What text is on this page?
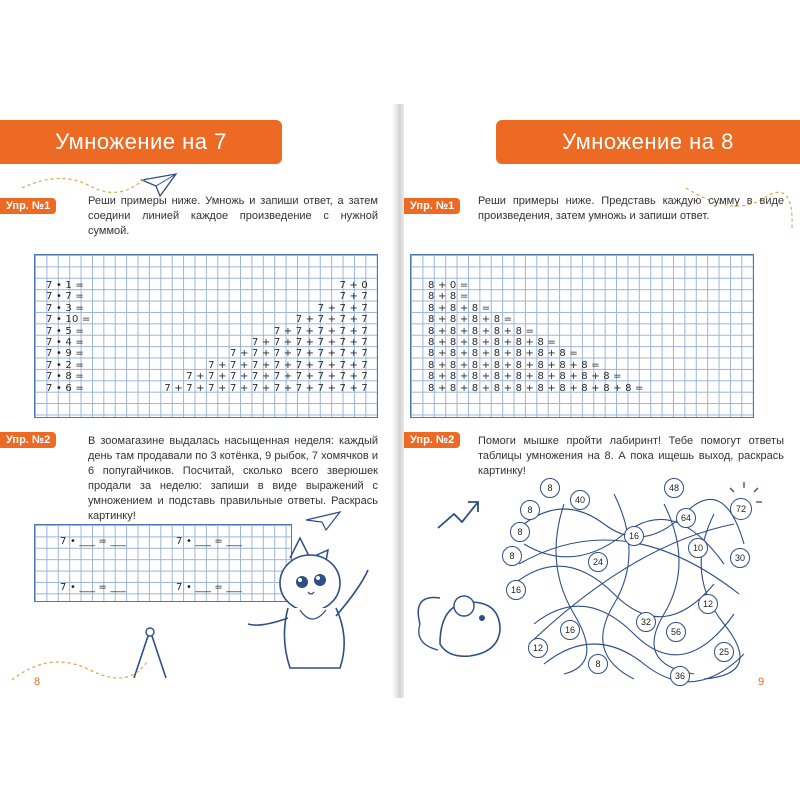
Умножение на 7
Упр. №1	Реши примеры ниже. Умножь и запиши ответ, а затем соедини линией каждое произведение с нужной суммой.
Упр. №2	В зоомагазине выдалась насыщенная неделя: каждый день там продавали по 3 котёнка, 9 рыбок, 7 хомячков и 6 попугайчиков. Посчитай, сколько всего зверюшек продали за неделю: запиши в виде выражений с умножением и подставь правильные ответы. Раскрась картинку!
7 • ___ = ___	7 • ___ = ___
7 • ___ = ___	7 • ___ = ___
8
7 • 1 =
7 • 7 =
7 • 3 =
7 • 10 =
7 • 5 =
7 • 4 =
7 • 9 =
7 • 2 =
7 • 8 =
7 • 6 =
7 + 0
7 + 7
7 + 7 + 7
7 + 7 + 7 + 7
7 + 7 + 7 + 7 + 7
7 + 7 + 7 + 7 + 7 + 7
7 + 7 + 7 + 7 + 7 + 7 + 7
7 + 7 + 7 + 7 + 7 + 7 + 7 + 7
7 + 7 + 7 + 7 + 7 + 7 + 7 + 7 + 7
7 + 7 + 7 + 7 + 7 + 7 + 7 + 7 + 7 + 7
Умножение на 8
Упр. №1	Реши примеры ниже. Представь каждую сумму в виде произведения, затем умножь и запиши ответ.
Упр. №2	Помоги мышке пройти лабиринт! Тебе помогут ответы таблицы умножения на 8. А пока ищешь выход, раскрась картинку!
8
8
40
48
64
72
8	16
10
30
8
24
16
12
16
32
56
12	25
8
36	9
8 + 0 =
8 + 8 =
8 + 8 + 8 =
8 + 8 + 8 + 8 =
8 + 8 + 8 + 8 + 8 =
8 + 8 + 8 + 8 + 8 + 8 =
8 + 8 + 8 + 8 + 8 + 8 + 8 =
8 + 8 + 8 + 8 + 8 + 8 + 8 + 8 =
8 + 8 + 8 + 8 + 8 + 8 + 8 + 8 + 8 =
8 + 8 + 8 + 8 + 8 + 8 + 8 + 8 + 8 + 8 =
